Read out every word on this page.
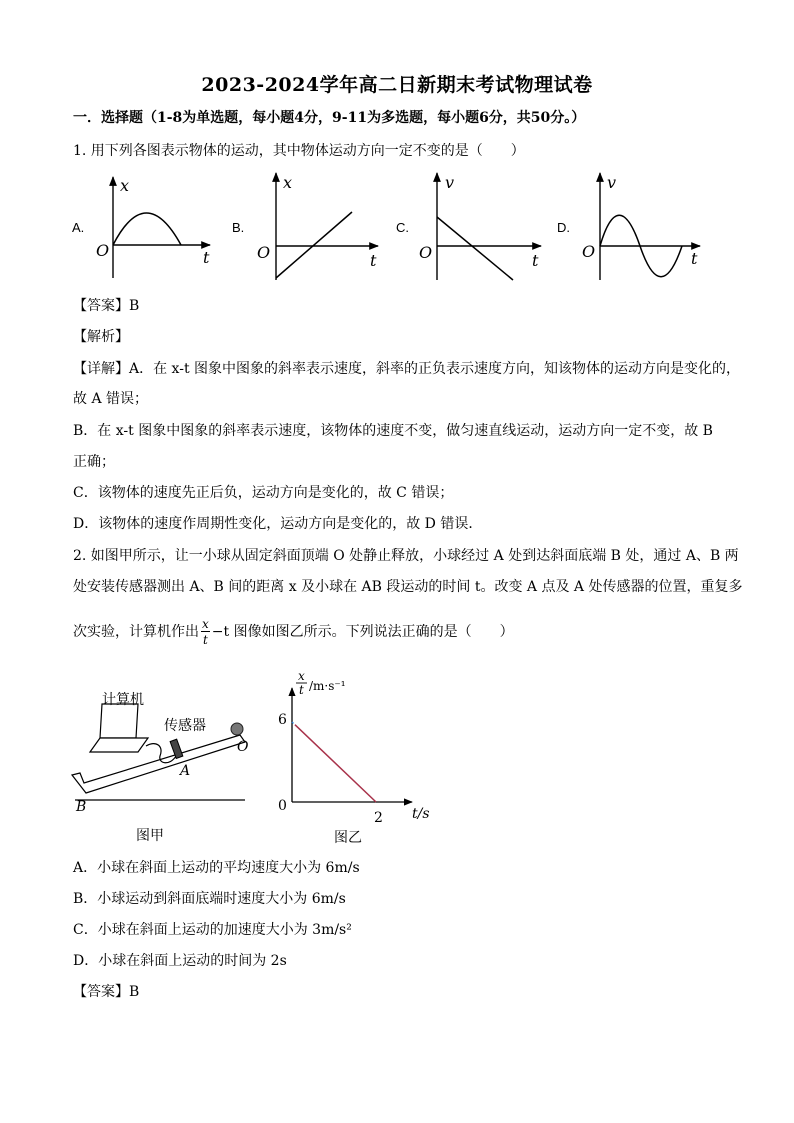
2023-2024学年高二日新期末考试物理试卷
一．选择题（1-8为单选题，每小题4分，9-11为多选题，每小题6分，共50分。）
1. 用下列各图表示物体的运动，其中物体运动方向一定不变的是（　　）
A.	B.	C.	D.
x
O	t
x
O	t
v
O	t
v
O	t
【答案】B
【解析】
【详解】A．在 x-t 图象中图象的斜率表示速度，斜率的正负表示速度方向，知该物体的运动方向是变化的，
故 A 错误；
B．在 x-t 图象中图象的斜率表示速度，该物体的速度不变，做匀速直线运动，运动方向一定不变，故 B
正确；
C．该物体的速度先正后负，运动方向是变化的，故 C 错误；
D．该物体的速度作周期性变化，运动方向是变化的，故 D 错误．
2. 如图甲所示，让一小球从固定斜面顶端 O 处静止释放，小球经过 A 处到达斜面底端 B 处，通过 A、B 两
处安装传感器测出 A、B 间的距离 x 及小球在 AB 段运动的时间 t。改变 A 点及 A 处传感器的位置，重复多
次实验，计算机作出 $\frac{x}{t} -t$ 图像如图乙所示。下列说法正确的是（　　）
计算机
传感器
A
B
O
图甲
x
t /m·s⁻¹
6
0
2 t/s
图乙
A．小球在斜面上运动的平均速度大小为 6m/s
B．小球运动到斜面底端时速度大小为 6m/s
C．小球在斜面上运动的加速度大小为 3m/s²
D．小球在斜面上运动的时间为 2s
【答案】B
